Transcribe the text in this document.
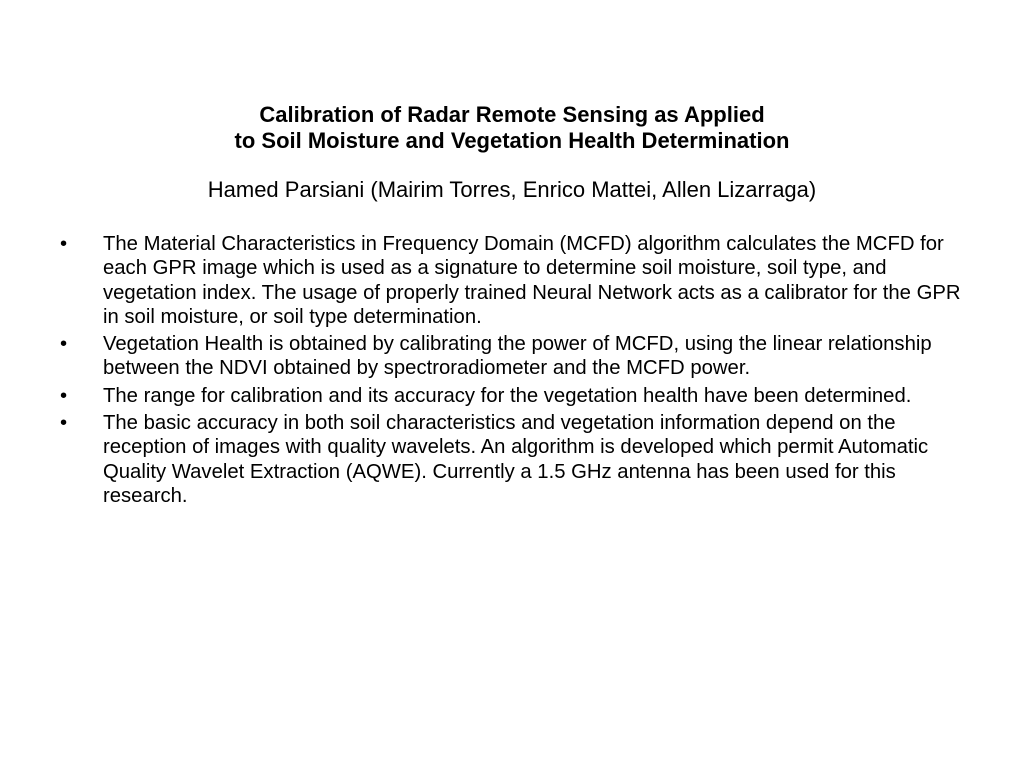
Calibration of Radar Remote Sensing as Applied
to Soil Moisture and Vegetation Health Determination
Hamed Parsiani (Mairim Torres, Enrico Mattei, Allen Lizarraga)
•	The Material Characteristics in Frequency Domain (MCFD) algorithm calculates the MCFD for each GPR image which is used as a signature to determine soil moisture, soil type, and vegetation index. The usage of properly trained Neural Network acts as a calibrator for the GPR in soil moisture, or soil type determination.
•	Vegetation Health is obtained by calibrating the power of MCFD, using the linear relationship between the NDVI obtained by spectroradiometer and the MCFD power.
•	The range for calibration and its accuracy for the vegetation health have been determined.
•	The basic accuracy in both soil characteristics and vegetation information depend on the reception of images with quality wavelets. An algorithm is developed which permit Automatic Quality Wavelet Extraction (AQWE). Currently a 1.5 GHz antenna has been used for this research.
